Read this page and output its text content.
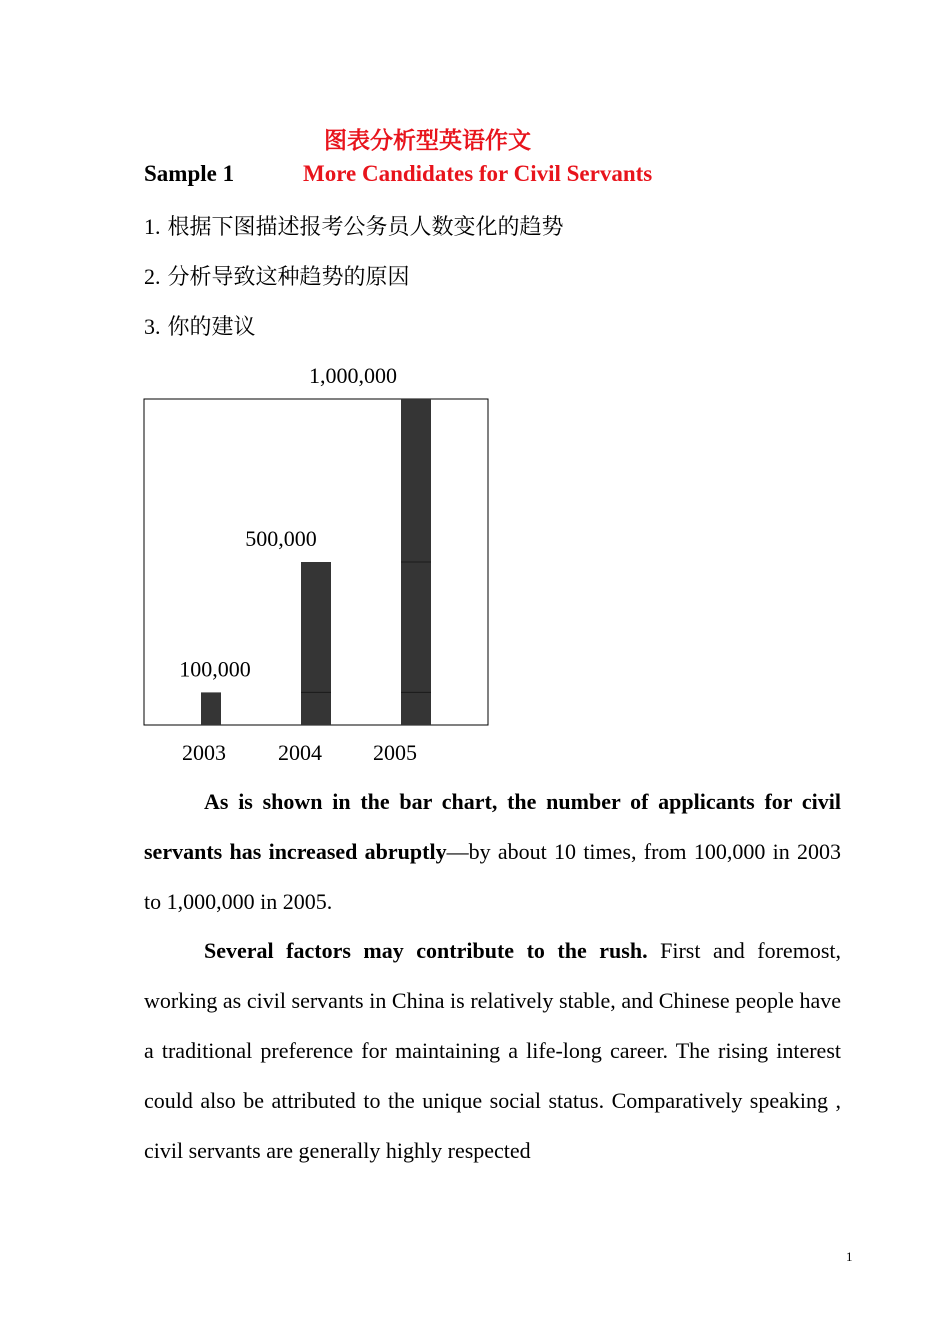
图表分析型英语作文
Sample 1	More Candidates for Civil Servants
1. 根据下图描述报考公务员人数变化的趋势
2. 分析导致这种趋势的原因
3. 你的建议
100,000
2003
500,000
2004
1,000,000
2005
As is shown in the bar chart, the number of applicants for civil servants has increased abruptly—by about 10 times, from 100,000 in 2003 to 1,000,000 in 2005.
Several factors may contribute to the rush. First and foremost, working as civil servants in China is relatively stable, and Chinese people have a traditional preference for maintaining a life-long career. The rising interest could also be attributed to the unique social status. Comparatively speaking , civil servants are generally highly respected
1
